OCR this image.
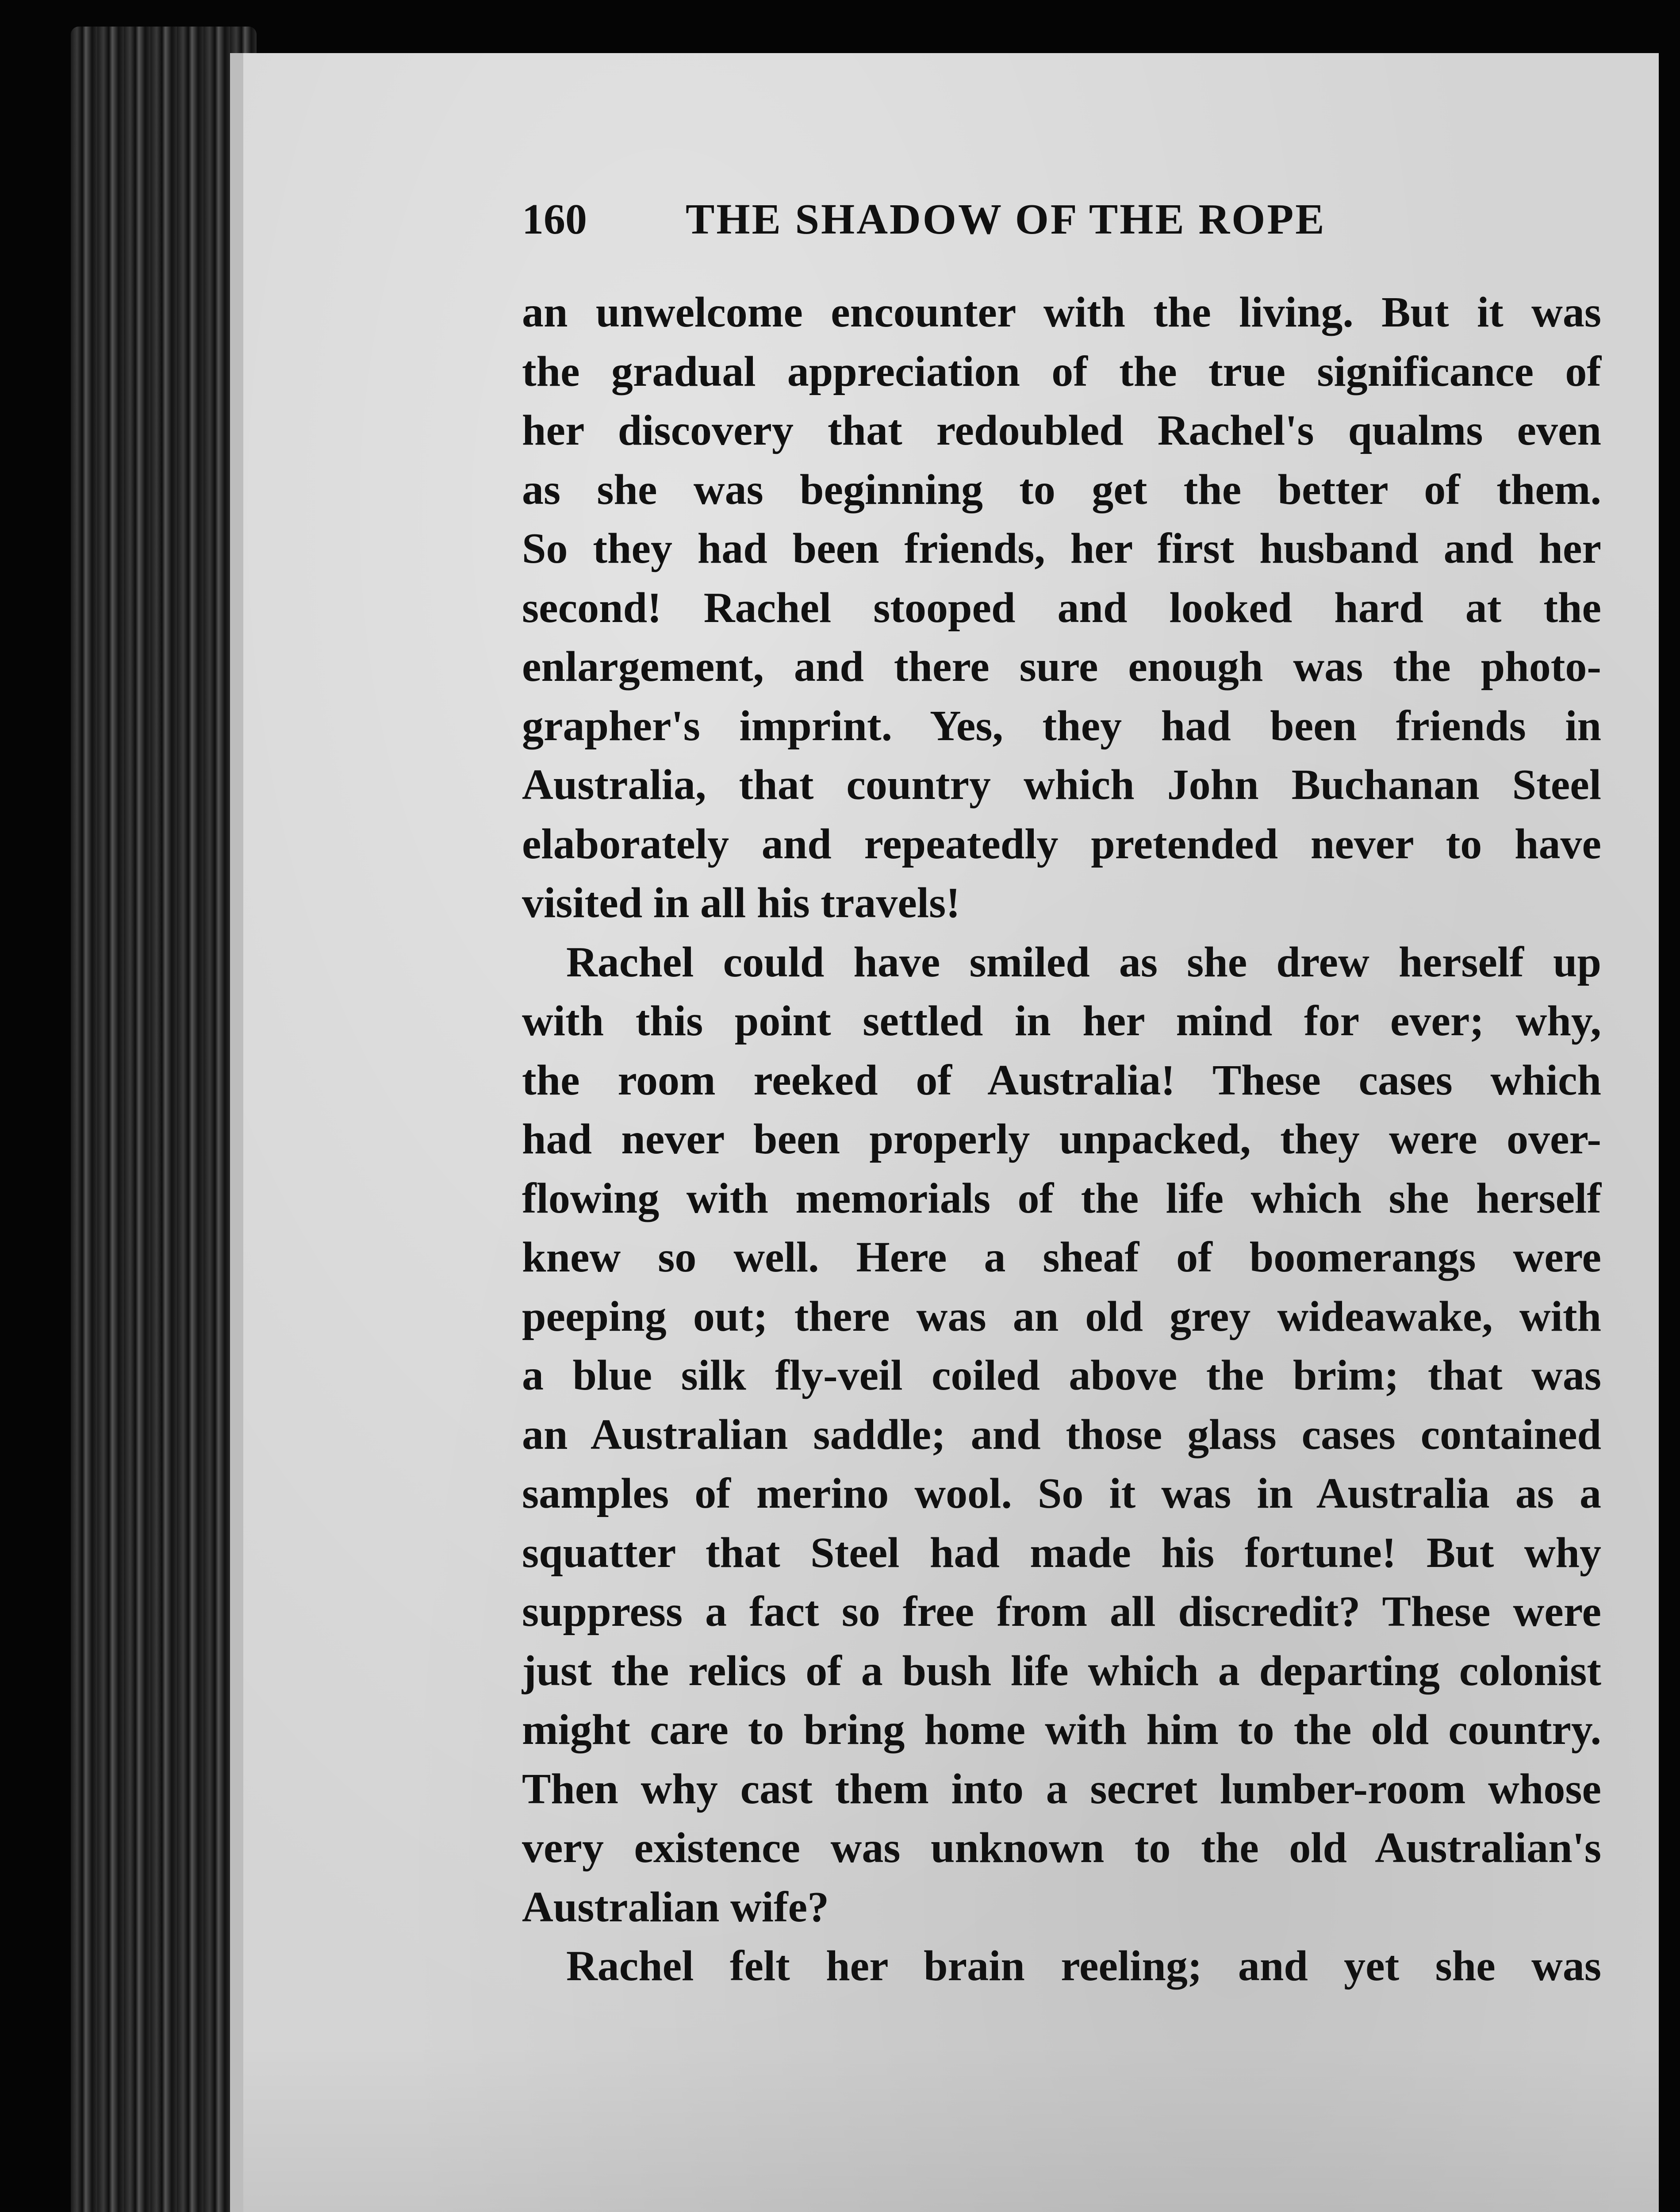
160 THE SHADOW OF THE ROPE
an unwelcome encounter with the living. But it was
the gradual appreciation of the true significance of
her discovery that redoubled Rachel's qualms even
as she was beginning to get the better of them.
So they had been friends, her first husband and her
second! Rachel stooped and looked hard at the
enlargement, and there sure enough was the photo-
grapher's imprint. Yes, they had been friends in
Australia, that country which John Buchanan Steel
elaborately and repeatedly pretended never to have
visited in all his travels!
Rachel could have smiled as she drew herself up
with this point settled in her mind for ever; why,
the room reeked of Australia! These cases which
had never been properly unpacked, they were over-
flowing with memorials of the life which she herself
knew so well. Here a sheaf of boomerangs were
peeping out; there was an old grey wideawake, with
a blue silk fly-veil coiled above the brim; that was
an Australian saddle; and those glass cases contained
samples of merino wool. So it was in Australia as a
squatter that Steel had made his fortune! But why
suppress a fact so free from all discredit? These were
just the relics of a bush life which a departing colonist
might care to bring home with him to the old country.
Then why cast them into a secret lumber-room whose
very existence was unknown to the old Australian's
Australian wife?
Rachel felt her brain reeling; and yet she was
